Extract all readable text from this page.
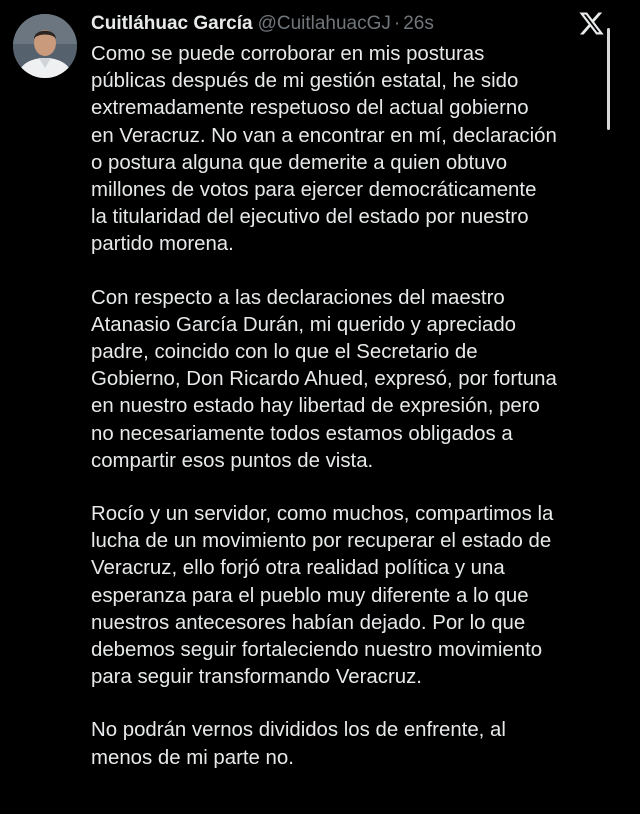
Cuitláhuac García @CuitlahuacGJ · 26s
Como se puede corroborar en mis posturas
públicas después de mi gestión estatal, he sido
extremadamente respetuoso del actual gobierno
en Veracruz. No van a encontrar en mí, declaración
o postura alguna que demerite a quien obtuvo
millones de votos para ejercer democráticamente
la titularidad del ejecutivo del estado por nuestro
partido morena.
Con respecto a las declaraciones del maestro
Atanasio García Durán, mi querido y apreciado
padre, coincido con lo que el Secretario de
Gobierno, Don Ricardo Ahued, expresó, por fortuna
en nuestro estado hay libertad de expresión, pero
no necesariamente todos estamos obligados a
compartir esos puntos de vista.
Rocío y un servidor, como muchos, compartimos la
lucha de un movimiento por recuperar el estado de
Veracruz, ello forjó otra realidad política y una
esperanza para el pueblo muy diferente a lo que
nuestros antecesores habían dejado. Por lo que
debemos seguir fortaleciendo nuestro movimiento
para seguir transformando Veracruz.
No podrán vernos divididos los de enfrente, al
menos de mi parte no.
